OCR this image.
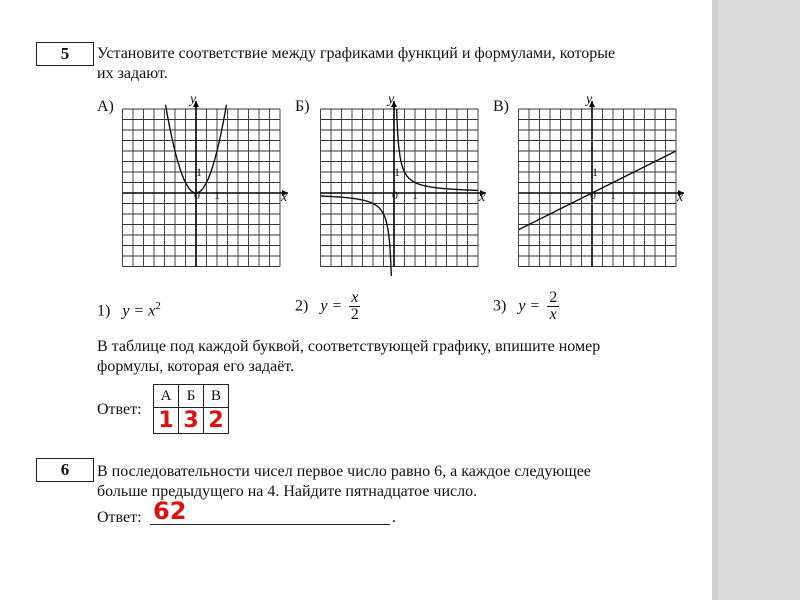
5	Установите соответствие между графиками функций и формулами, которые
их задают.
А)	Б)	В)
y
x
1
0 1
y
x
1
0 1
y
x
1
0 1
1) $y = x^2$	2) $y = \frac{x}{2}$	3) $y = \frac{2}{x}$
В таблице под каждой буквой, соответствующей графику, впишите номер
формулы, которая его задаёт.
Ответ:
А	Б	В
1	3	2
6	В последовательности чисел первое число равно 6, а каждое следующее
больше предыдущего на 4. Найдите пятнадцатое число.
Ответ:	.
62
